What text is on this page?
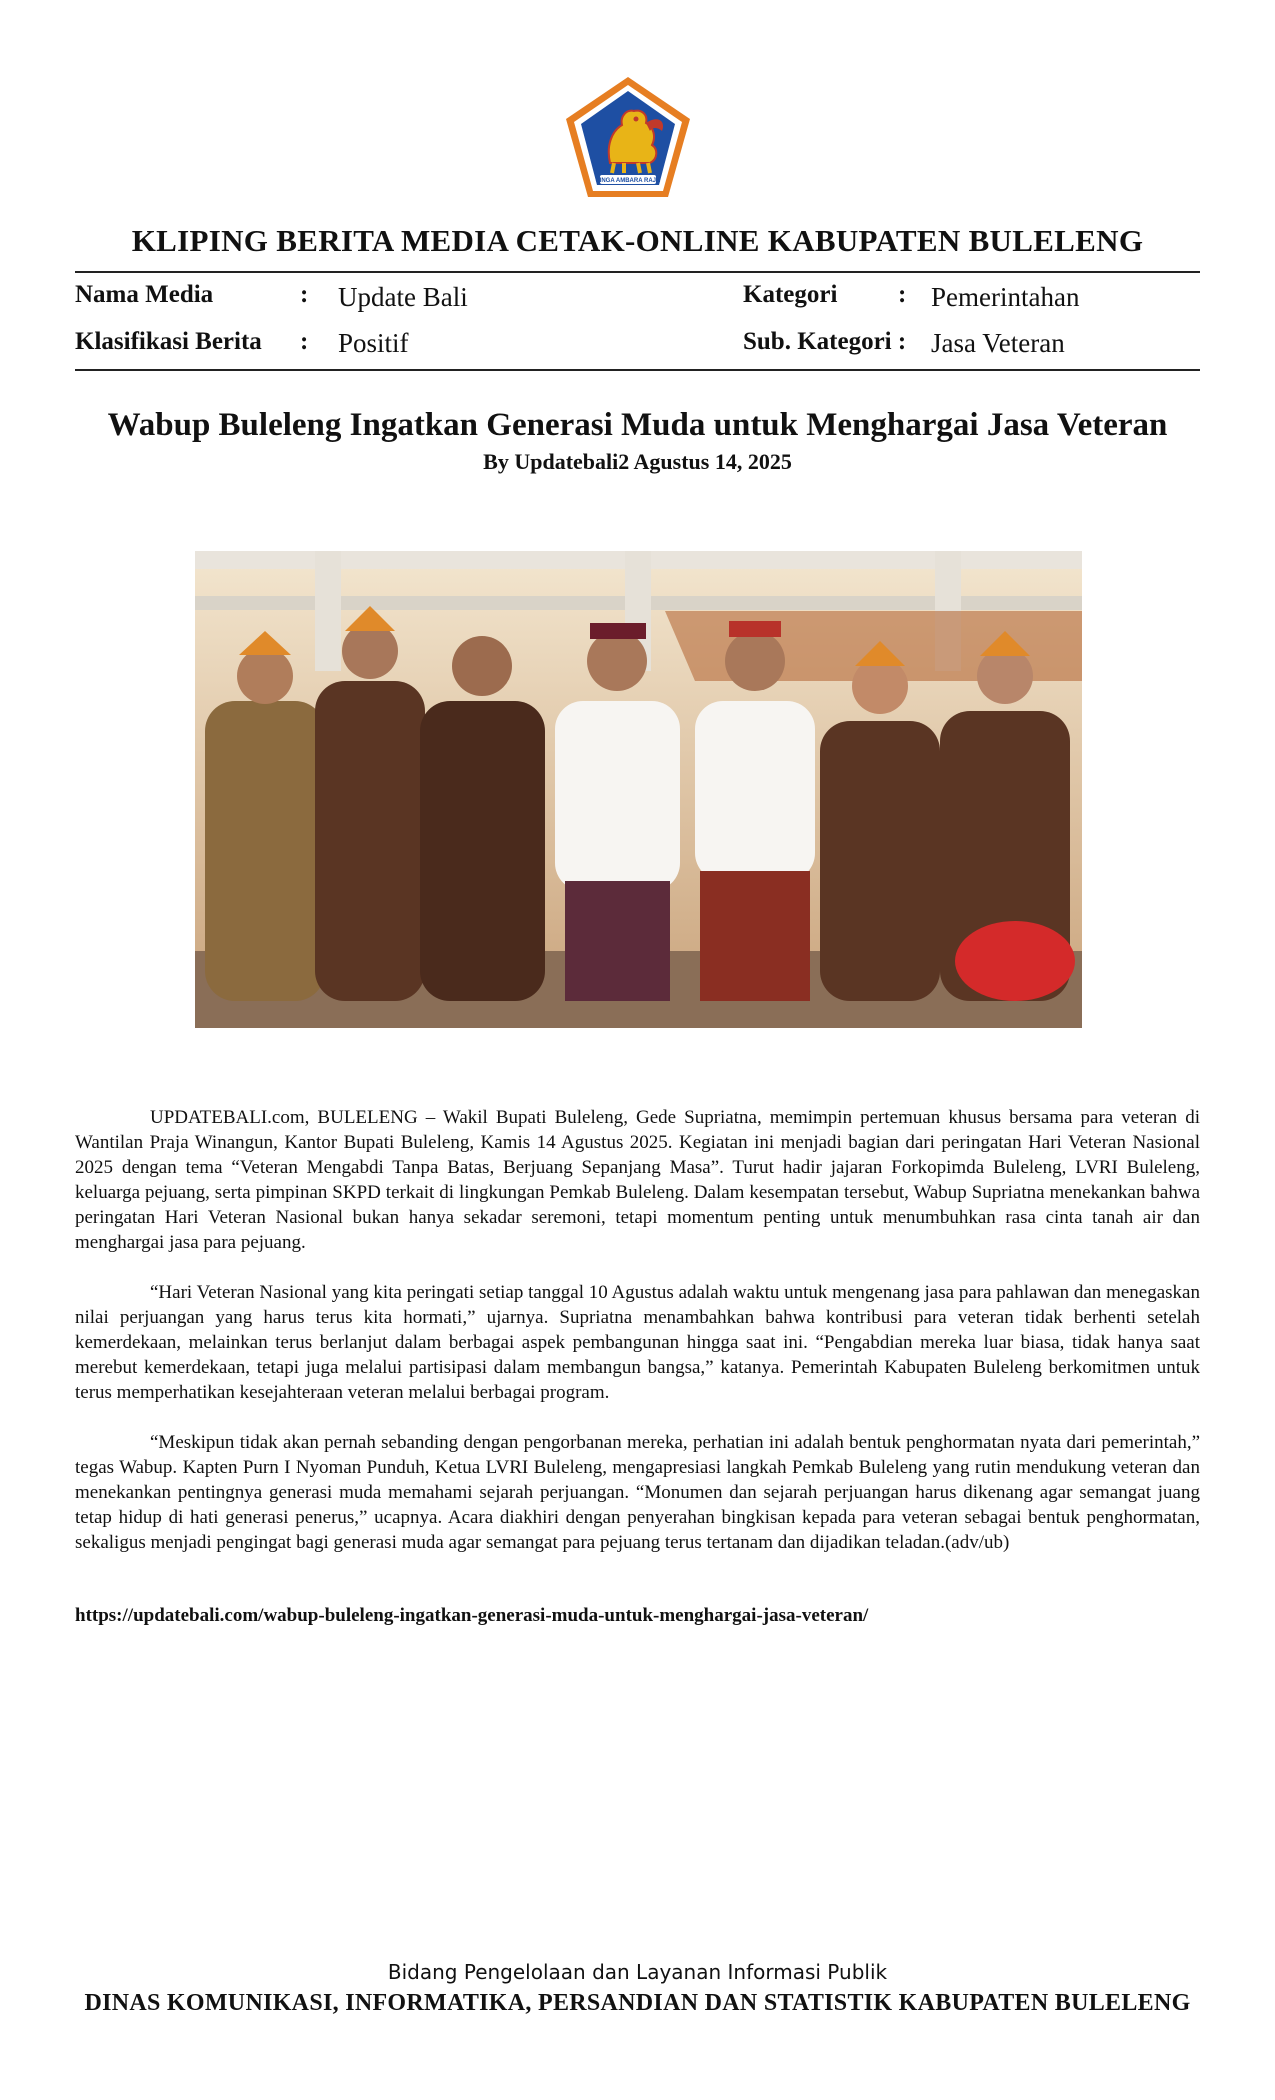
SINGA AMBARA RAJA
KLIPING BERITA MEDIA CETAK-ONLINE KABUPATEN BULELENG
Nama Media	: Update Bali	Kategori : Pemerintahan
Klasifikasi Berita : Positif	Sub. Kategori : Jasa Veteran
Wabup Buleleng Ingatkan Generasi Muda untuk Menghargai Jasa Veteran
By Updatebali2 Agustus 14, 2025

UPDATEBALI.com, BULELENG – Wakil Bupati Buleleng, Gede Supriatna, memimpin pertemuan khusus bersama para veteran di Wantilan Praja Winangun, Kantor Bupati Buleleng, Kamis 14 Agustus 2025. Kegiatan ini menjadi bagian dari peringatan Hari Veteran Nasional 2025 dengan tema “Veteran Mengabdi Tanpa Batas, Berjuang Sepanjang Masa”. Turut hadir jajaran Forkopimda Buleleng, LVRI Buleleng, keluarga pejuang, serta pimpinan SKPD terkait di lingkungan Pemkab Buleleng. Dalam kesempatan tersebut, Wabup Supriatna menekankan bahwa peringatan Hari Veteran Nasional bukan hanya sekadar seremoni, tetapi momentum penting untuk menumbuhkan rasa cinta tanah air dan menghargai jasa para pejuang.

“Hari Veteran Nasional yang kita peringati setiap tanggal 10 Agustus adalah waktu untuk mengenang jasa para pahlawan dan menegaskan nilai perjuangan yang harus terus kita hormati,” ujarnya. Supriatna menambahkan bahwa kontribusi para veteran tidak berhenti setelah kemerdekaan, melainkan terus berlanjut dalam berbagai aspek pembangunan hingga saat ini. “Pengabdian mereka luar biasa, tidak hanya saat merebut kemerdekaan, tetapi juga melalui partisipasi dalam membangun bangsa,” katanya. Pemerintah Kabupaten Buleleng berkomitmen untuk terus memperhatikan kesejahteraan veteran melalui berbagai program.

“Meskipun tidak akan pernah sebanding dengan pengorbanan mereka, perhatian ini adalah bentuk penghormatan nyata dari pemerintah,” tegas Wabup. Kapten Purn I Nyoman Punduh, Ketua LVRI Buleleng, mengapresiasi langkah Pemkab Buleleng yang rutin mendukung veteran dan menekankan pentingnya generasi muda memahami sejarah perjuangan. “Monumen dan sejarah perjuangan harus dikenang agar semangat juang tetap hidup di hati generasi penerus,” ucapnya. Acara diakhiri dengan penyerahan bingkisan kepada para veteran sebagai bentuk penghormatan, sekaligus menjadi pengingat bagi generasi muda agar semangat para pejuang terus tertanam dan dijadikan teladan.(adv/ub)

https://updatebali.com/wabup-buleleng-ingatkan-generasi-muda-untuk-menghargai-jasa-veteran/
Bidang Pengelolaan dan Layanan Informasi Publik
DINAS KOMUNIKASI, INFORMATIKA, PERSANDIAN DAN STATISTIK KABUPATEN BULELENG
